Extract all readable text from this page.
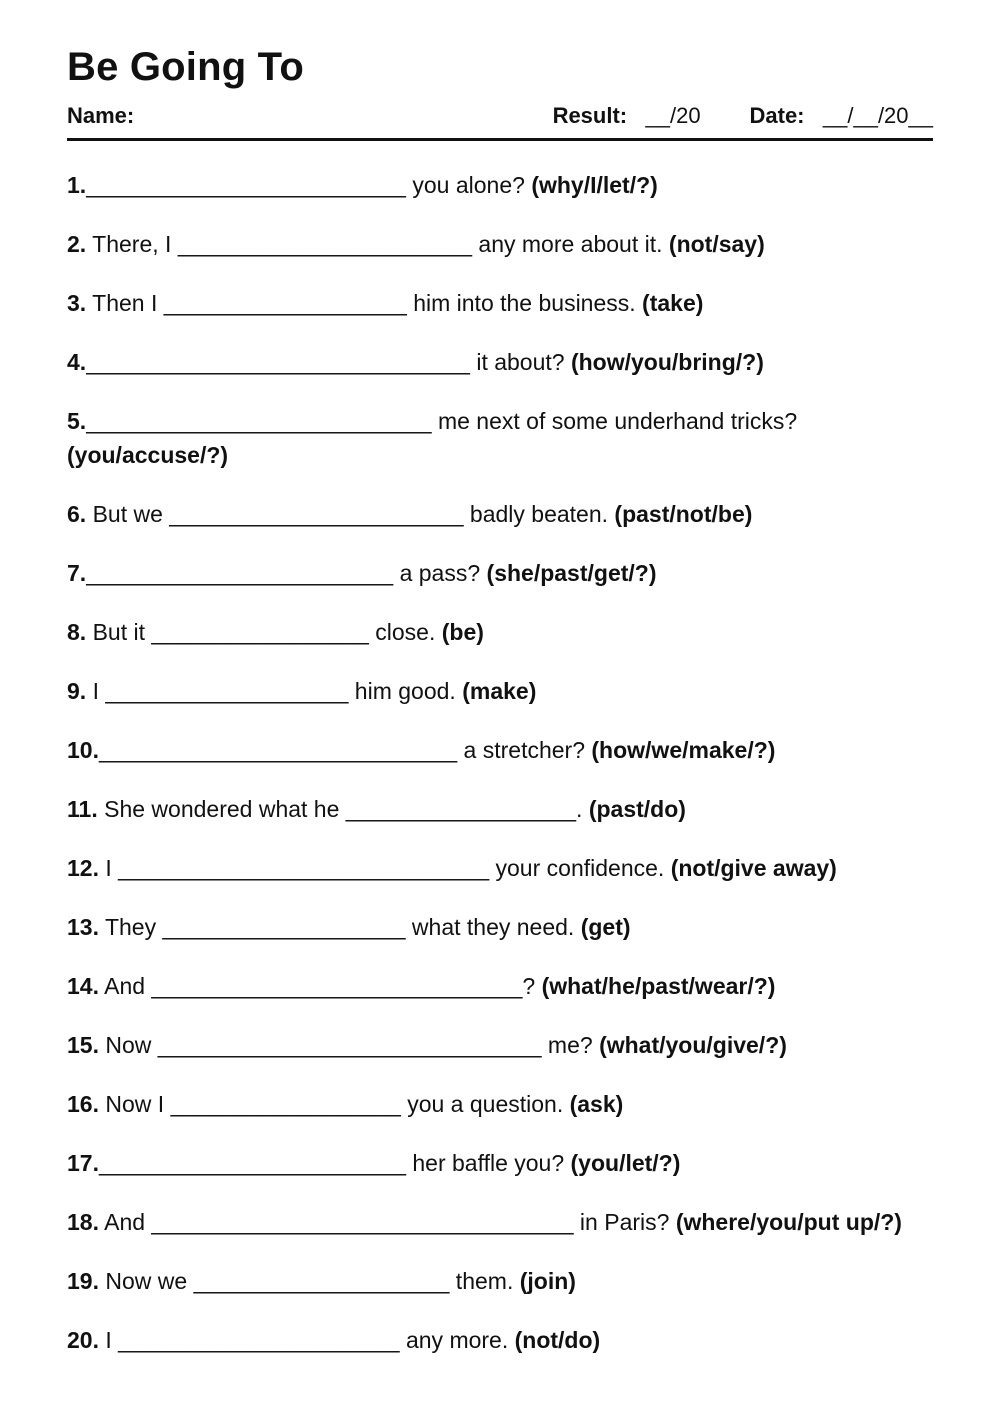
Be Going To
Name:	Result: __/20 Date: __/__/20__
1._________________________ you alone? (why/I/let/?)
2. There, I _______________________ any more about it. (not/say)
3. Then I ___________________ him into the business. (take)
4.______________________________ it about? (how/you/bring/?)
5.___________________________ me next of some underhand tricks? (you/accuse/?)
6. But we _______________________ badly beaten. (past/not/be)
7.________________________ a pass? (she/past/get/?)
8. But it _________________ close. (be)
9. I ___________________ him good. (make)
10.____________________________ a stretcher? (how/we/make/?)
11. She wondered what he __________________. (past/do)
12. I _____________________________ your confidence. (not/give away)
13. They ___________________ what they need. (get)
14. And _____________________________? (what/he/past/wear/?)
15. Now ______________________________ me? (what/you/give/?)
16. Now I __________________ you a question. (ask)
17.________________________ her baffle you? (you/let/?)
18. And _________________________________ in Paris? (where/you/put up/?)
19. Now we ____________________ them. (join)
20. I ______________________ any more. (not/do)
